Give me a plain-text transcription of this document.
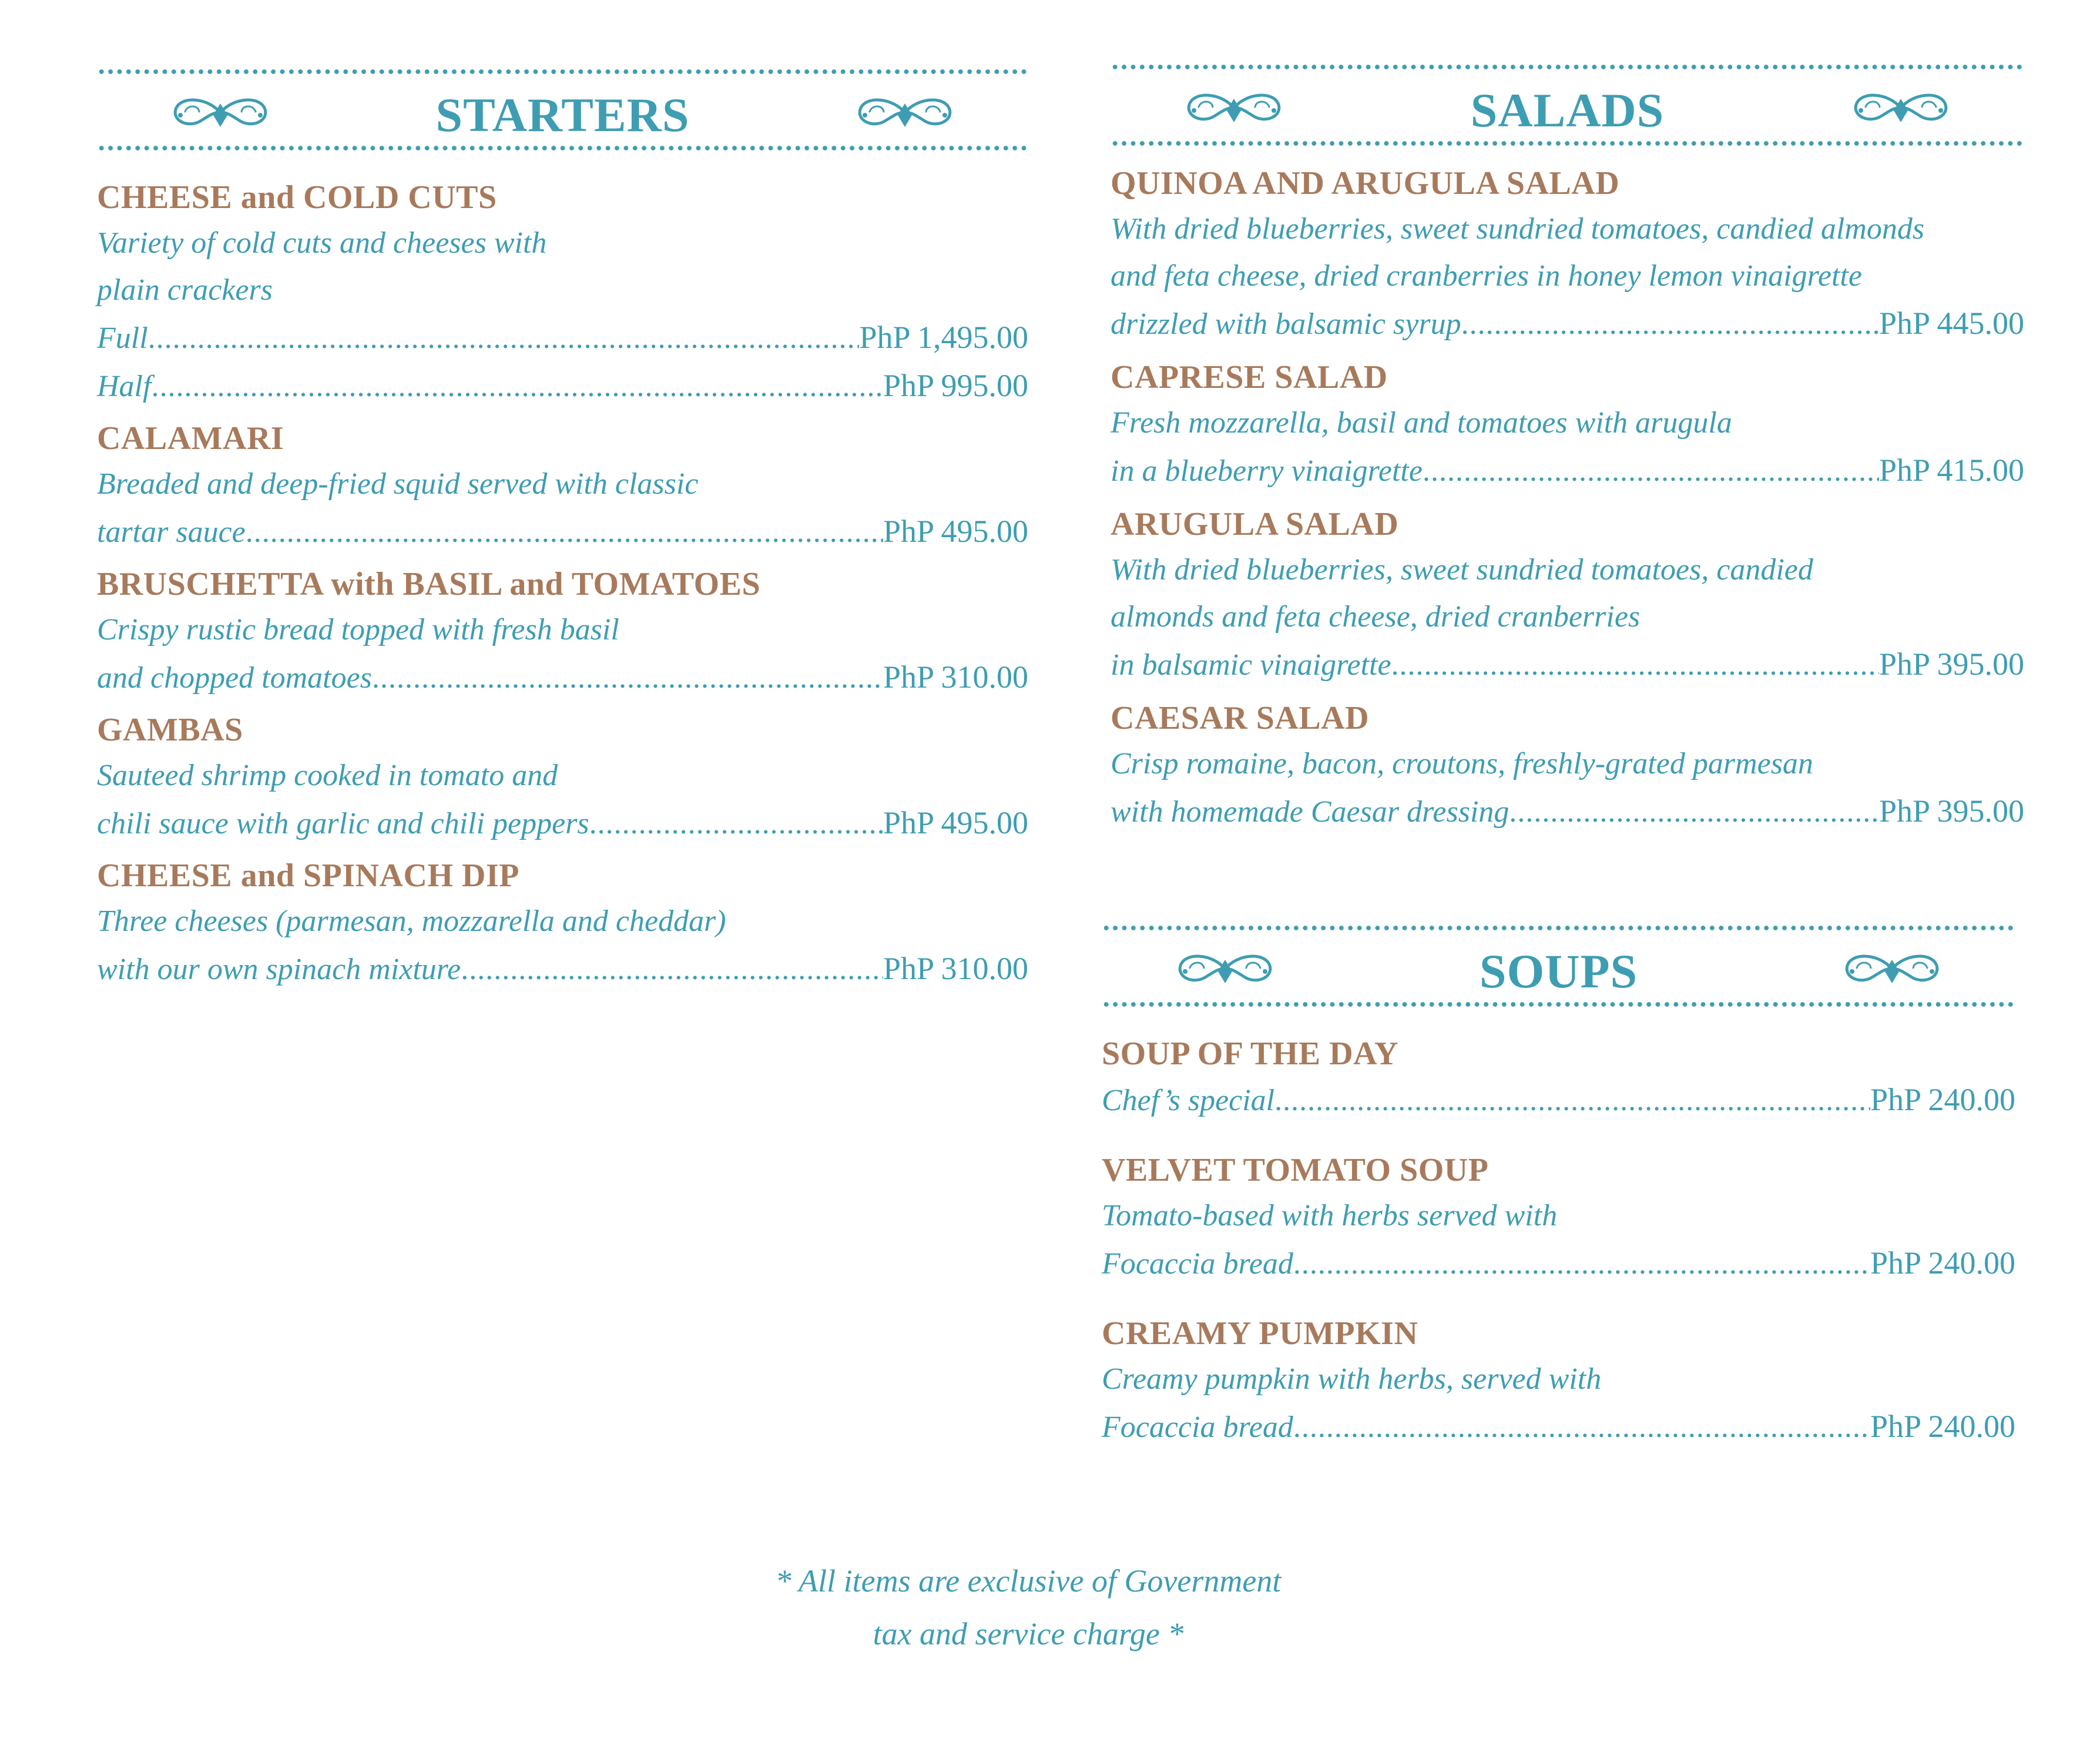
STARTERS
CHEESE and COLD CUTS
Variety of cold cuts and cheeses with
plain crackers
Full .....	PhP 1,495.00
Half .....	PhP 995.00
CALAMARI
Breaded and deep-fried squid served with classic
tartar sauce .....	PhP 495.00
BRUSCHETTA with BASIL and TOMATOES
Crispy rustic bread topped with fresh basil
and chopped tomatoes .....	PhP 310.00
GAMBAS
Sauteed shrimp cooked in tomato and
chili sauce with garlic and chili peppers .....	PhP 495.00
CHEESE and SPINACH DIP
Three cheeses (parmesan, mozzarella and cheddar)
with our own spinach mixture .....	PhP 310.00
SALADS
QUINOA AND ARUGULA SALAD
With dried blueberries, sweet sundried tomatoes, candied almonds
and feta cheese, dried cranberries in honey lemon vinaigrette
drizzled with balsamic syrup .....	PhP 445.00
CAPRESE SALAD
Fresh mozzarella, basil and tomatoes with arugula
in a blueberry vinaigrette .....	PhP 415.00
ARUGULA SALAD
With dried blueberries, sweet sundried tomatoes, candied
almonds and feta cheese, dried cranberries
in balsamic vinaigrette .....	PhP 395.00
CAESAR SALAD
Crisp romaine, bacon, croutons, freshly-grated parmesan
with homemade Caesar dressing .....	PhP 395.00
SOUPS
SOUP OF THE DAY
Chef’s special .....	PhP 240.00
VELVET TOMATO SOUP
Tomato-based with herbs served with
Focaccia bread .....	PhP 240.00
CREAMY PUMPKIN
Creamy pumpkin with herbs, served with
Focaccia bread .....	PhP 240.00
* All items are exclusive of Government
tax and service charge *
